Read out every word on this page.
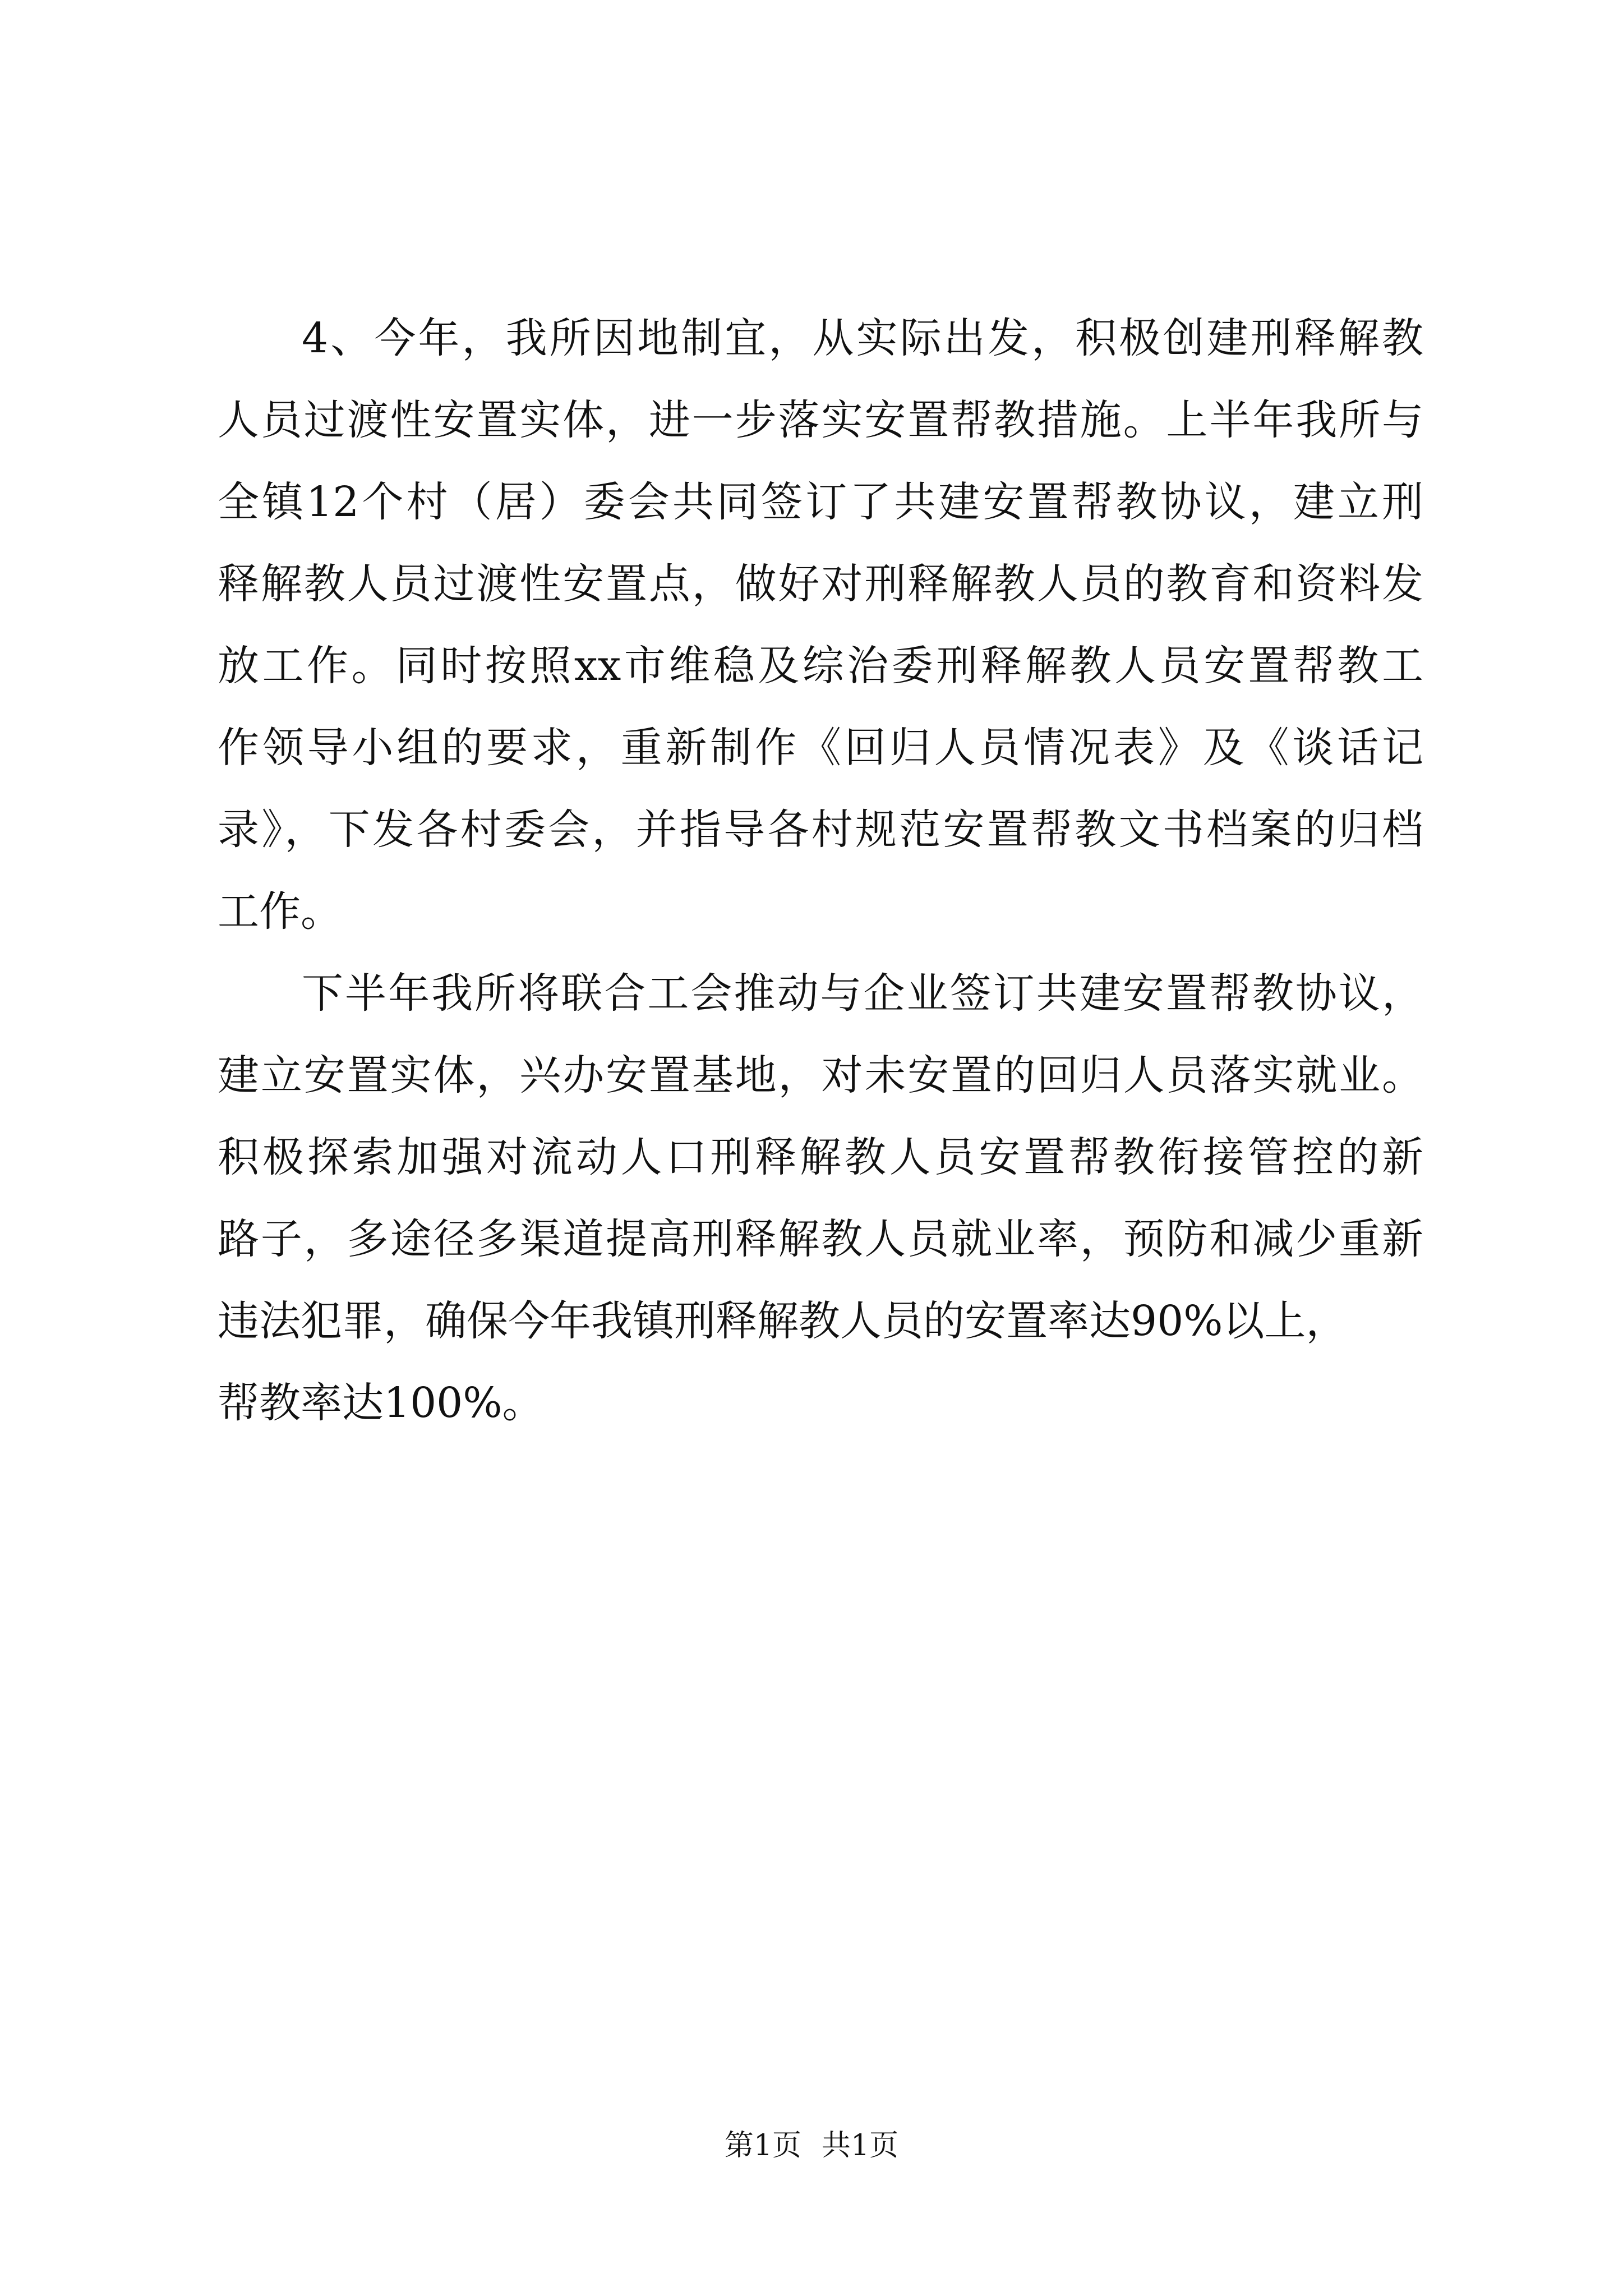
4、今年，我所因地制宜，从实际出发，积极创建刑释解教
人员过渡性安置实体，进一步落实安置帮教措施。上半年我所与
全镇12个村（居）委会共同签订了共建安置帮教协议，建立刑
释解教人员过渡性安置点，做好对刑释解教人员的教育和资料发
放工作。同时按照xx市维稳及综治委刑释解教人员安置帮教工
作领导小组的要求，重新制作《回归人员情况表》及《谈话记
录》，下发各村委会，并指导各村规范安置帮教文书档案的归档
工作。
下半年我所将联合工会推动与企业签订共建安置帮教协议，
建立安置实体，兴办安置基地，对未安置的回归人员落实就业。
积极探索加强对流动人口刑释解教人员安置帮教衔接管控的新
路子，多途径多渠道提高刑释解教人员就业率，预防和减少重新
违法犯罪，确保今年我镇刑释解教人员的安置率达90%以上，
帮教率达100%。
第1页 共1页
